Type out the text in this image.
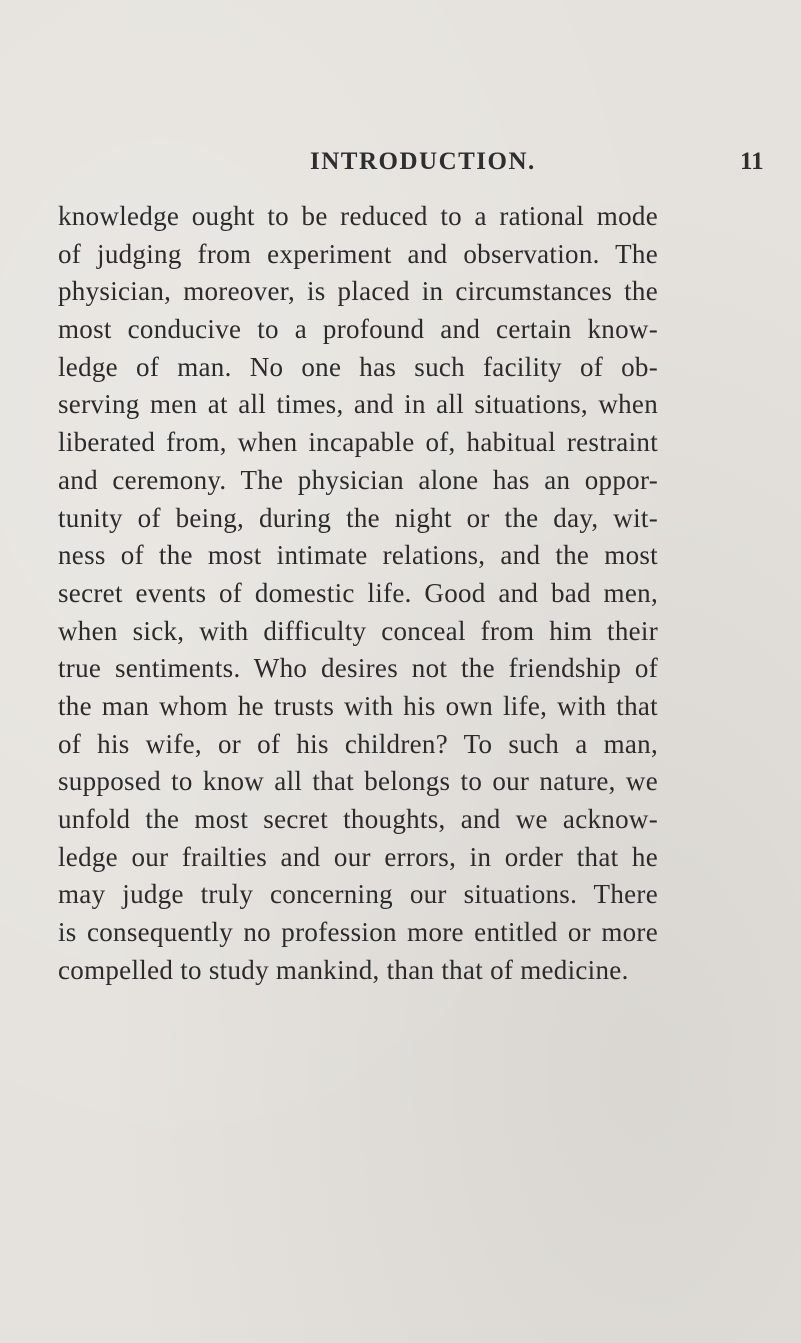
INTRODUCTION.	11
knowledge ought to be reduced to a rational mode
of judging from experiment and observation. The
physician, moreover, is placed in circumstances the
most conducive to a profound and certain know-
ledge of man. No one has such facility of ob-
serving men at all times, and in all situations, when
liberated from, when incapable of, habitual restraint
and ceremony. The physician alone has an oppor-
tunity of being, during the night or the day, wit-
ness of the most intimate relations, and the most
secret events of domestic life. Good and bad men,
when sick, with difficulty conceal from him their
true sentiments. Who desires not the friendship of
the man whom he trusts with his own life, with that
of his wife, or of his children? To such a man,
supposed to know all that belongs to our nature, we
unfold the most secret thoughts, and we acknow-
ledge our frailties and our errors, in order that he
may judge truly concerning our situations. There
is consequently no profession more entitled or more
compelled to study mankind, than that of medicine.
